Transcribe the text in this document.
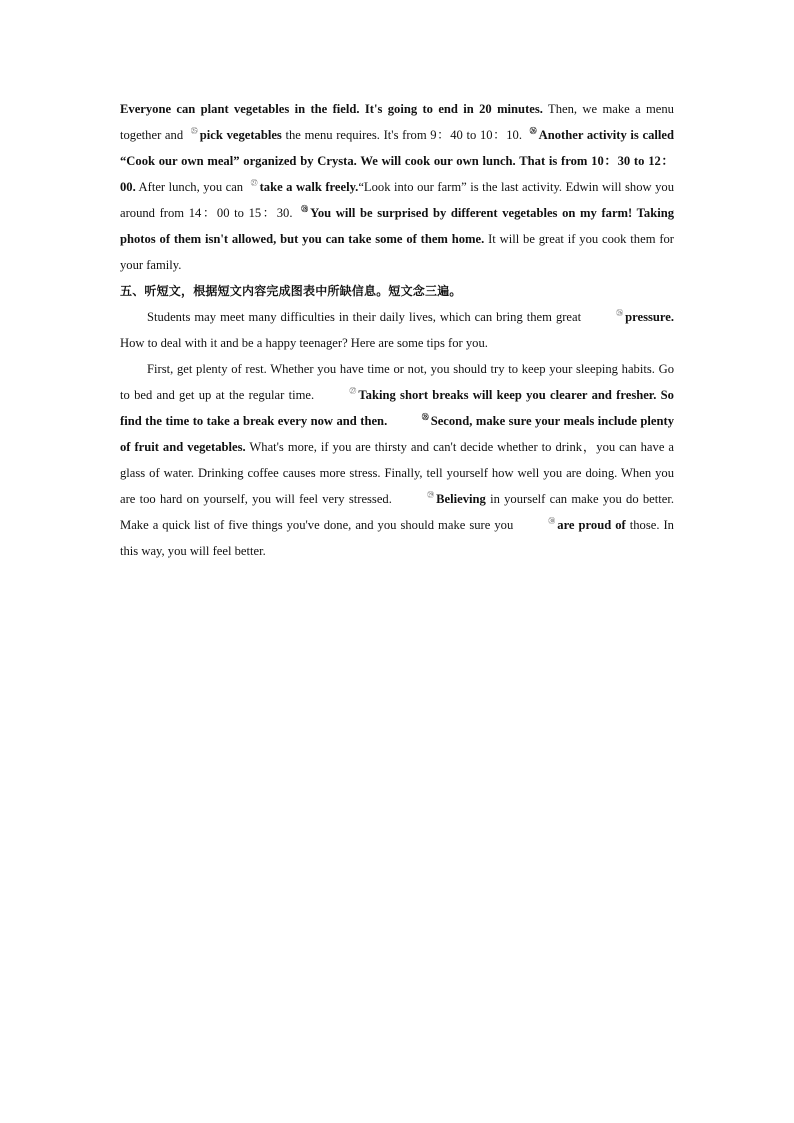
Everyone can plant vegetables in the field. It's going to end in 20 minutes. Then, we make a menu together and ㉕ pick vegetables the menu requires. It's from 9：40 to 10：10. ㉖ Another activity is called “Cook our own meal” organized by Crysta. We will cook our own lunch. That is from 10：30 to 12：00. After lunch, you can ㉗ take a walk freely.“Look into our farm” is the last activity. Edwin will show you around from 14：00 to 15：30. ㉘ You will be surprised by different vegetables on my farm! Taking photos of them isn't allowed, but you can take some of them home. It will be great if you cook them for your family.

五、听短文，根据短文内容完成图表中所缺信息。短文念三遍。

Students may meet many difficulties in their daily lives, which can bring them great	㉖ pressure. How to deal with it and be a happy teenager? Here are some tips for you.

First, get plenty of rest. Whether you have time or not, you should try to keep your sleeping habits. Go to bed and get up at the regular time.	㉗ Taking short breaks will keep you clearer and fresher. So find the time to take a break every now and then.	㉘ Second, make sure your meals include plenty of fruit and vegetables. What's more, if you are thirsty and can't decide whether to drink，you can have a glass of water. Drinking coffee causes more stress. Finally, tell yourself how well you are doing. When you are too hard on yourself, you will feel very stressed.	㉙ Believing in yourself can make you do better. Make a quick list of five things you've done, and you should make sure you	㉚ are proud of those. In this way, you will feel better.
